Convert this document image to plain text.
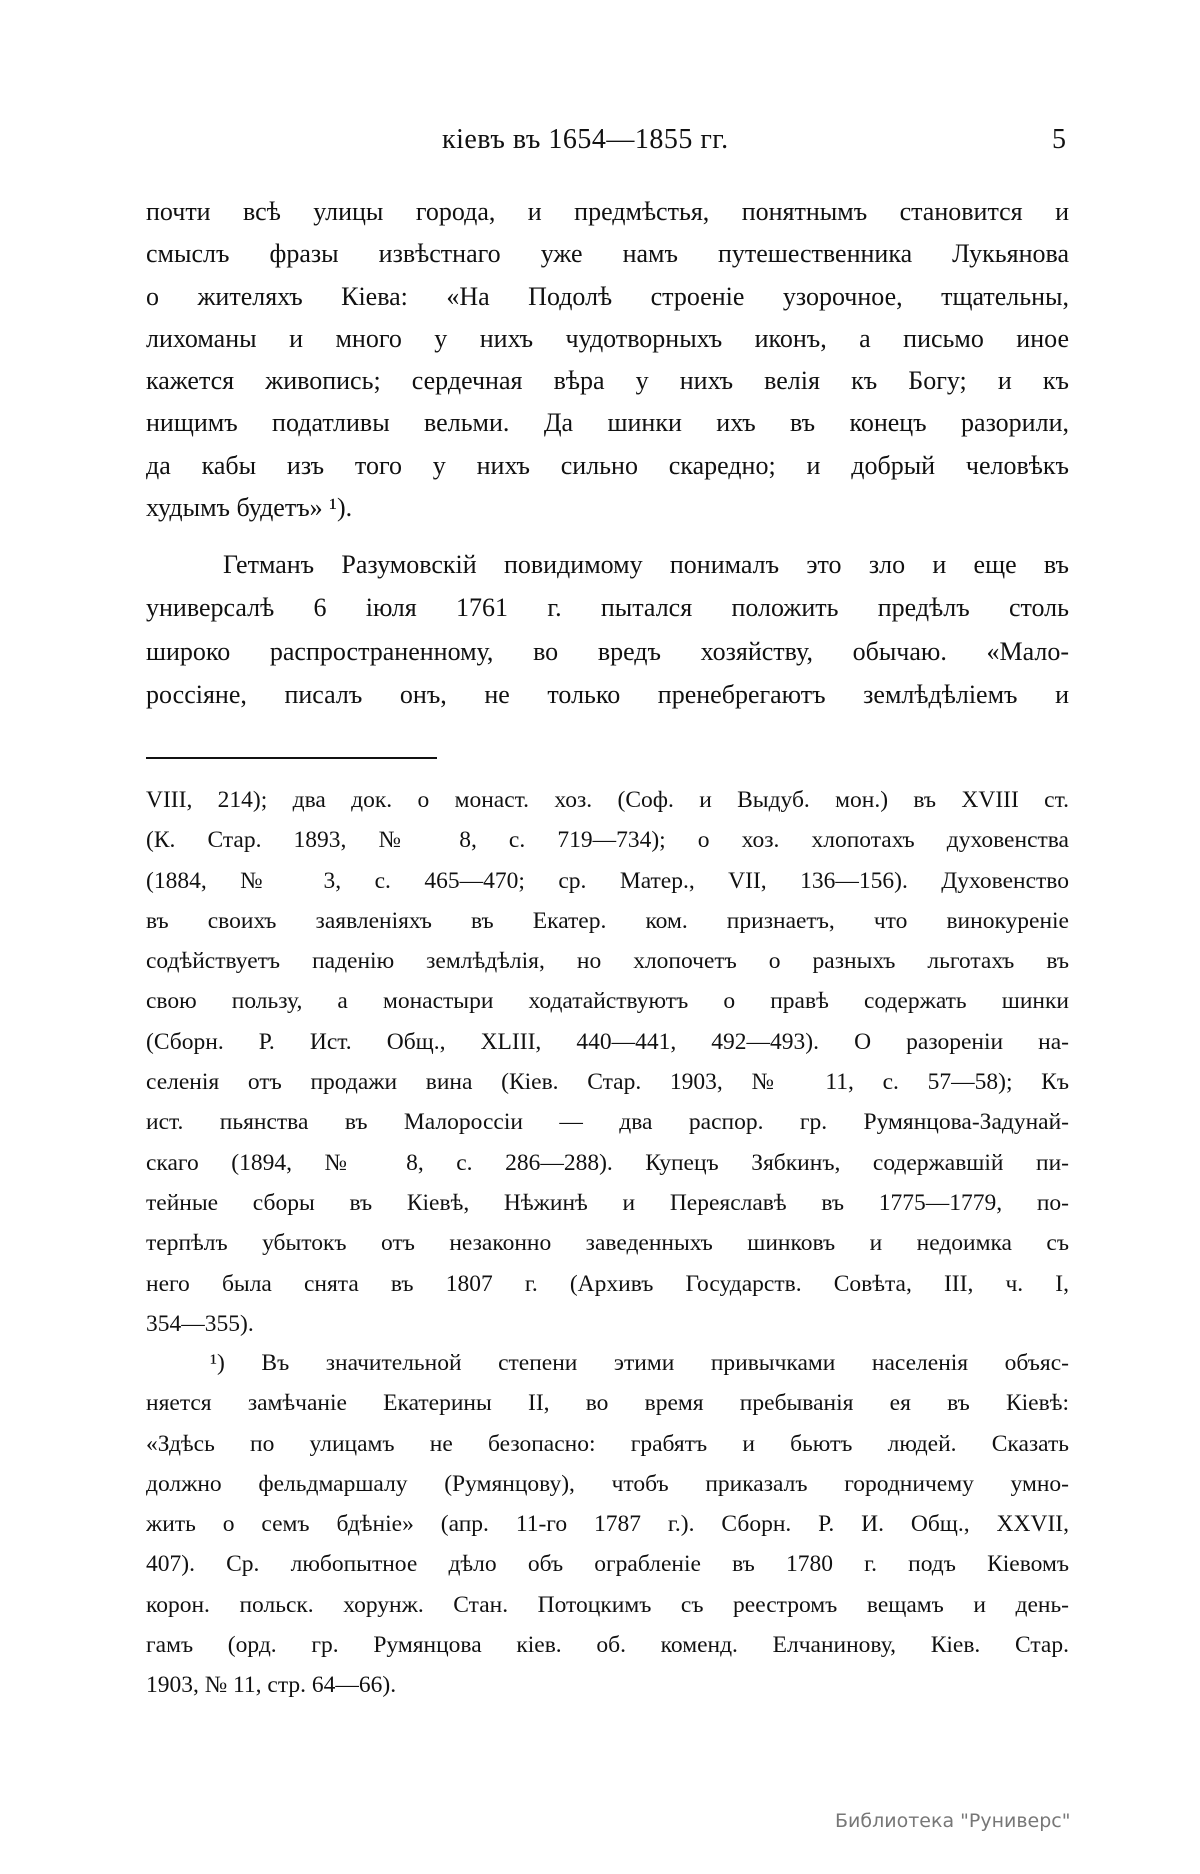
кіевъ въ 1654—1855 гг.	5
почти всѣ улицы города, и предмѣстья, понятнымъ становится и
смыслъ фразы извѣстнаго уже намъ путешественника Лукьянова
о жителяхъ Кіева: «На Подолѣ строеніе узорочное, тщательны,
лихоманы и много у нихъ чудотворныхъ иконъ, а письмо иное
кажется живопись; сердечная вѣра у нихъ велія къ Богу; и къ
нищимъ податливы вельми. Да шинки ихъ въ конецъ разорили,
да кабы изъ того у нихъ сильно скаредно; и добрый человѣкъ
худымъ будетъ» ¹).
Гетманъ Разумовскій повидимому понималъ это зло и еще въ
универсалѣ 6 іюля 1761 г. пытался положить предѣлъ столь
широко распространенному, во вредъ хозяйству, обычаю. «Мало-
россіяне, писалъ онъ, не только пренебрегаютъ землѣдѣліемъ и
VIII, 214); два док. о монаст. хоз. (Соф. и Выдуб. мон.) въ XVIII ст.
(К. Стар. 1893, № 8, с. 719—734); о хоз. хлопотахъ духовенства
(1884, № 3, с. 465—470; ср. Матер., VII, 136—156). Духовенство
въ своихъ заявленіяхъ въ Екатер. ком. признаетъ, что винокуреніе
содѣйствуетъ паденію землѣдѣлія, но хлопочетъ о разныхъ льготахъ въ
свою пользу, а монастыри ходатайствуютъ о правѣ содержать шинки
(Сборн. Р. Ист. Общ., XLIII, 440—441, 492—493). О разореніи на-
селенія отъ продажи вина (Кіев. Стар. 1903, № 11, с. 57—58); Къ
ист. пьянства въ Малороссіи — два распор. гр. Румянцова-Задунай-
скаго (1894, № 8, с. 286—288). Купецъ Зябкинъ, содержавшій пи-
тейные сборы въ Кіевѣ, Нѣжинѣ и Переяславѣ въ 1775—1779, по-
терпѣлъ убытокъ отъ незаконно заведенныхъ шинковъ и недоимка съ
него была снята въ 1807 г. (Архивъ Государств. Совѣта, III, ч. I,
354—355).
¹) Въ значительной степени этими привычками населенія объяс-
няется замѣчаніе Екатерины II, во время пребыванія ея въ Кіевѣ:
«Здѣсь по улицамъ не безопасно: грабятъ и бьютъ людей. Сказать
должно фельдмаршалу (Румянцову), чтобъ приказалъ городничему умно-
жить о семъ бдѣніе» (апр. 11-го 1787 г.). Сборн. Р. И. Общ., XXVII,
407). Ср. любопытное дѣло объ ограбленіе въ 1780 г. подъ Кіевомъ
корон. польск. хорунж. Стан. Потоцкимъ съ реестромъ вещамъ и день-
гамъ (орд. гр. Румянцова кіев. об. коменд. Елчанинову, Кіев. Стар.
1903, № 11, стр. 64—66).
Библиотека "Руниверс"
